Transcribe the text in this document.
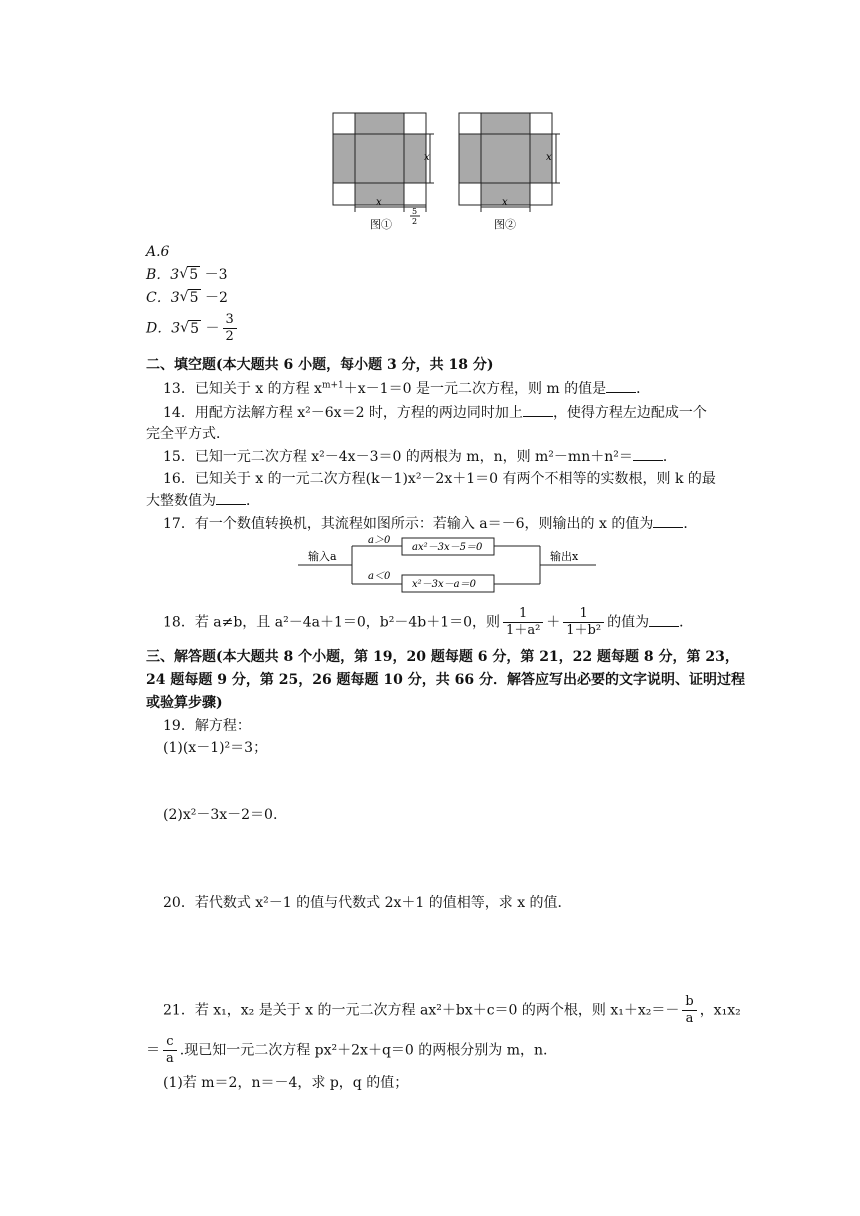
x
x
5
2
图①
x
x
图②
A.6
B．3 √ 5 －3
C．3 √ 5 －2
D．3 √ $5 - \frac{3}{2}$
二、填空题(本大题共 6 小题，每小题 3 分，共 18 分)
13．已知关于 x 的方程 $x^{m+1}+x-1=0$ 是一元二次方程，则 m 的值是 ．
14．用配方法解方程 x²－6x＝2 时，方程的两边同时加上 ，使得方程左边配成一个
完全平方式．
15．已知一元二次方程 x²－4x－3＝0 的两根为 m，n，则 m²－mn＋n²＝ ．
16．已知关于 x 的一元二次方程(k－1)x²－2x＋1＝0 有两个不相等的实数根，则 k 的最
大整数值为 ．
17．有一个数值转换机，其流程如图所示：若输入 a＝－6，则输出的 x 的值为 ．
输入a
a＞0
a＜0
ax²－3x－5＝0
x²－3x－a＝0
输出x
18．若 a≠b，且 a²－4a＋1＝0，b²－4b＋1＝0，则 $\frac{1}{\text{1＋a²}} + \frac{1}{\text{1＋b²}}$ 的值为 ．
三、解答题(本大题共 8 个小题，第 19，20 题每题 6 分，第 21，22 题每题 8 分，第 23，
24 题每题 9 分，第 25，26 题每题 10 分，共 66 分．解答应写出必要的文字说明、证明过程
或验算步骤)
19．解方程：
(1)(x－1)²＝3；
(2)x²－3x－2＝0.
20．若代数式 x²－1 的值与代数式 2x＋1 的值相等，求 x 的值．
21．若 x₁，x₂ 是关于 x 的一元二次方程 ax²＋bx＋c＝0 的两个根，则 $x_1+x_2=- \frac{b}{a}$ ，x₁x₂
＝ $\frac{c}{a}$ .现已知一元二次方程 px²＋2x＋q＝0 的两根分别为 m，n.
(1)若 m＝2，n＝－4，求 p，q 的值；
